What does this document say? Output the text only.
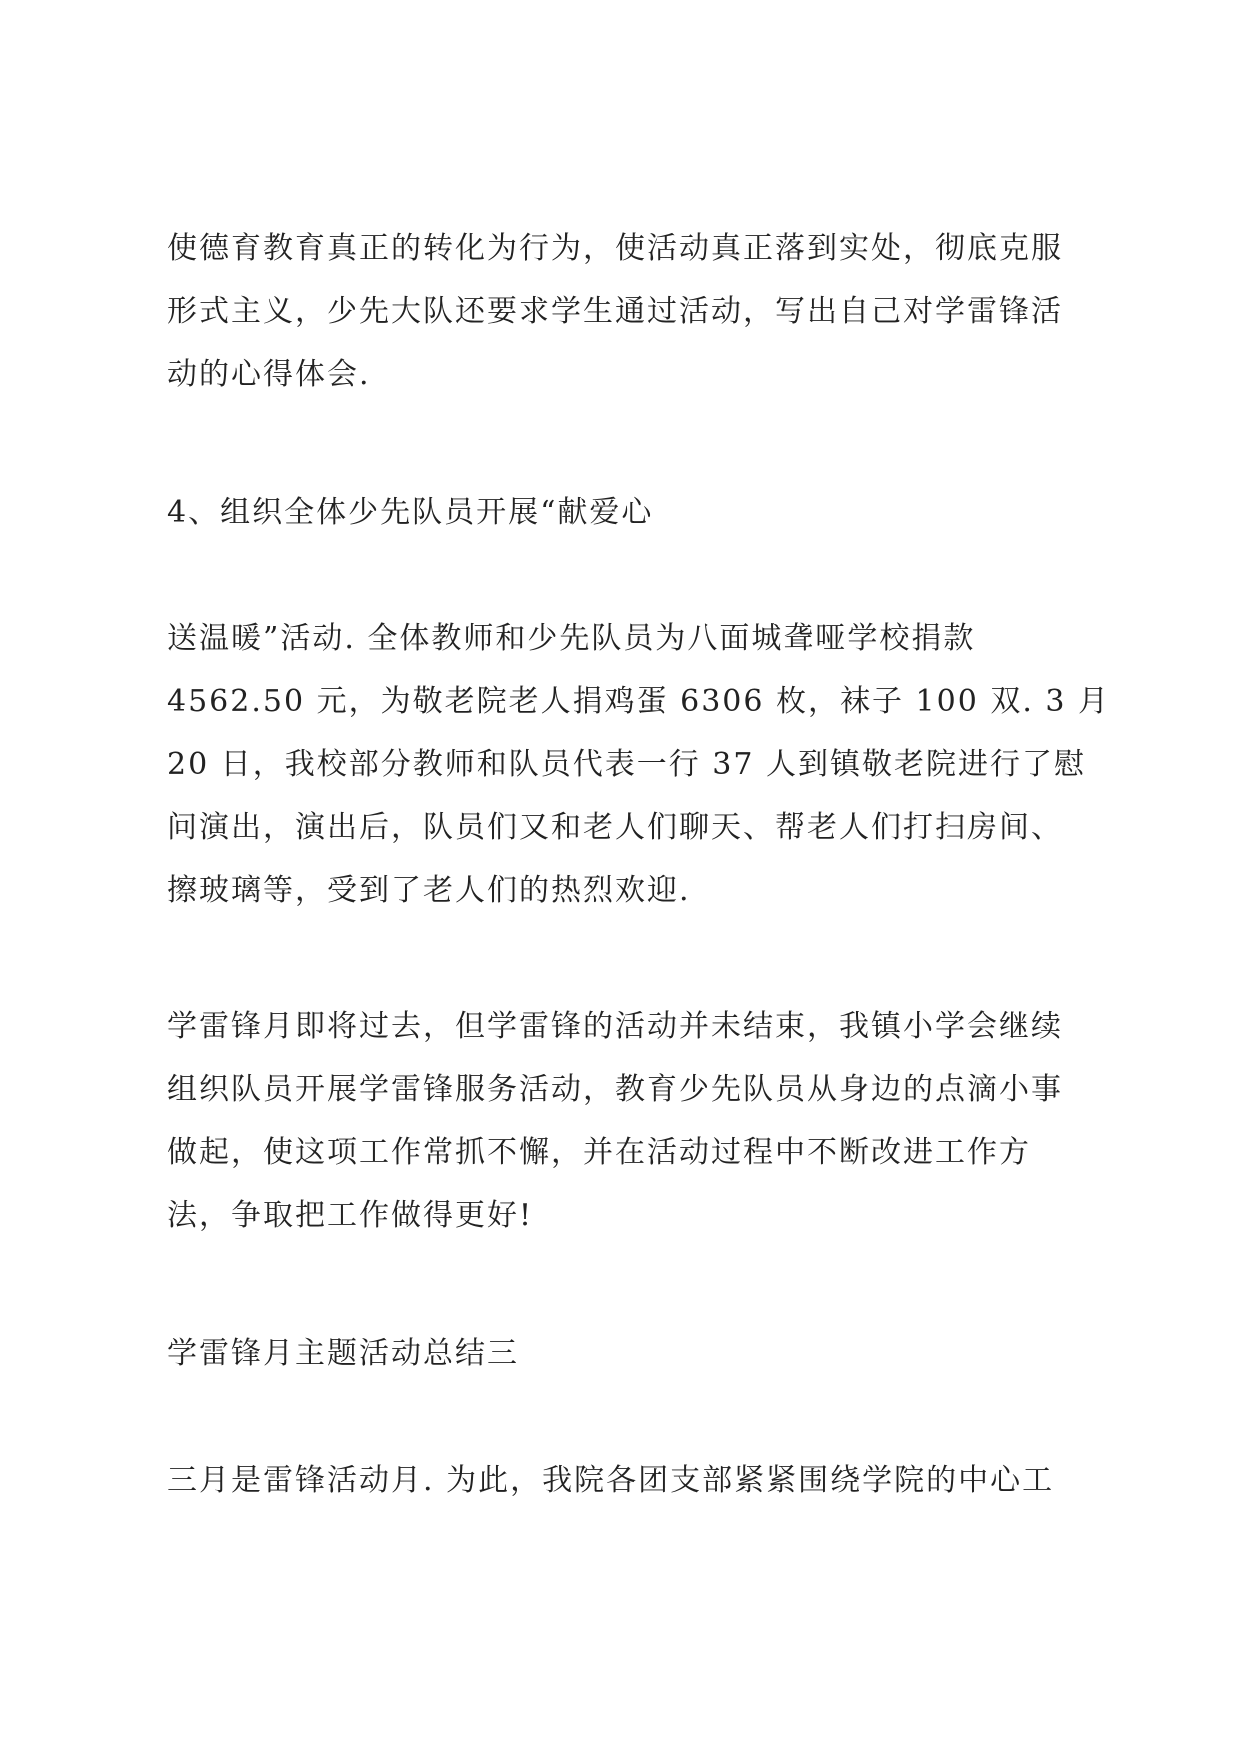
使德育教育真正的转化为行为，使活动真正落到实处，彻底克服
形式主义，少先大队还要求学生通过活动，写出自己对学雷锋活
动的心得体会.
4、组织全体少先队员开展“献爱心
送温暖”活动. 全体教师和少先队员为八面城聋哑学校捐款
4562.50 元，为敬老院老人捐鸡蛋 6306 枚，袜子 100 双. 3 月
20 日，我校部分教师和队员代表一行 37 人到镇敬老院进行了慰
问演出，演出后，队员们又和老人们聊天、帮老人们打扫房间、
擦玻璃等，受到了老人们的热烈欢迎.
学雷锋月即将过去，但学雷锋的活动并未结束，我镇小学会继续
组织队员开展学雷锋服务活动，教育少先队员从身边的点滴小事
做起，使这项工作常抓不懈，并在活动过程中不断改进工作方
法，争取把工作做得更好!
学雷锋月主题活动总结三
三月是雷锋活动月. 为此，我院各团支部紧紧围绕学院的中心工
